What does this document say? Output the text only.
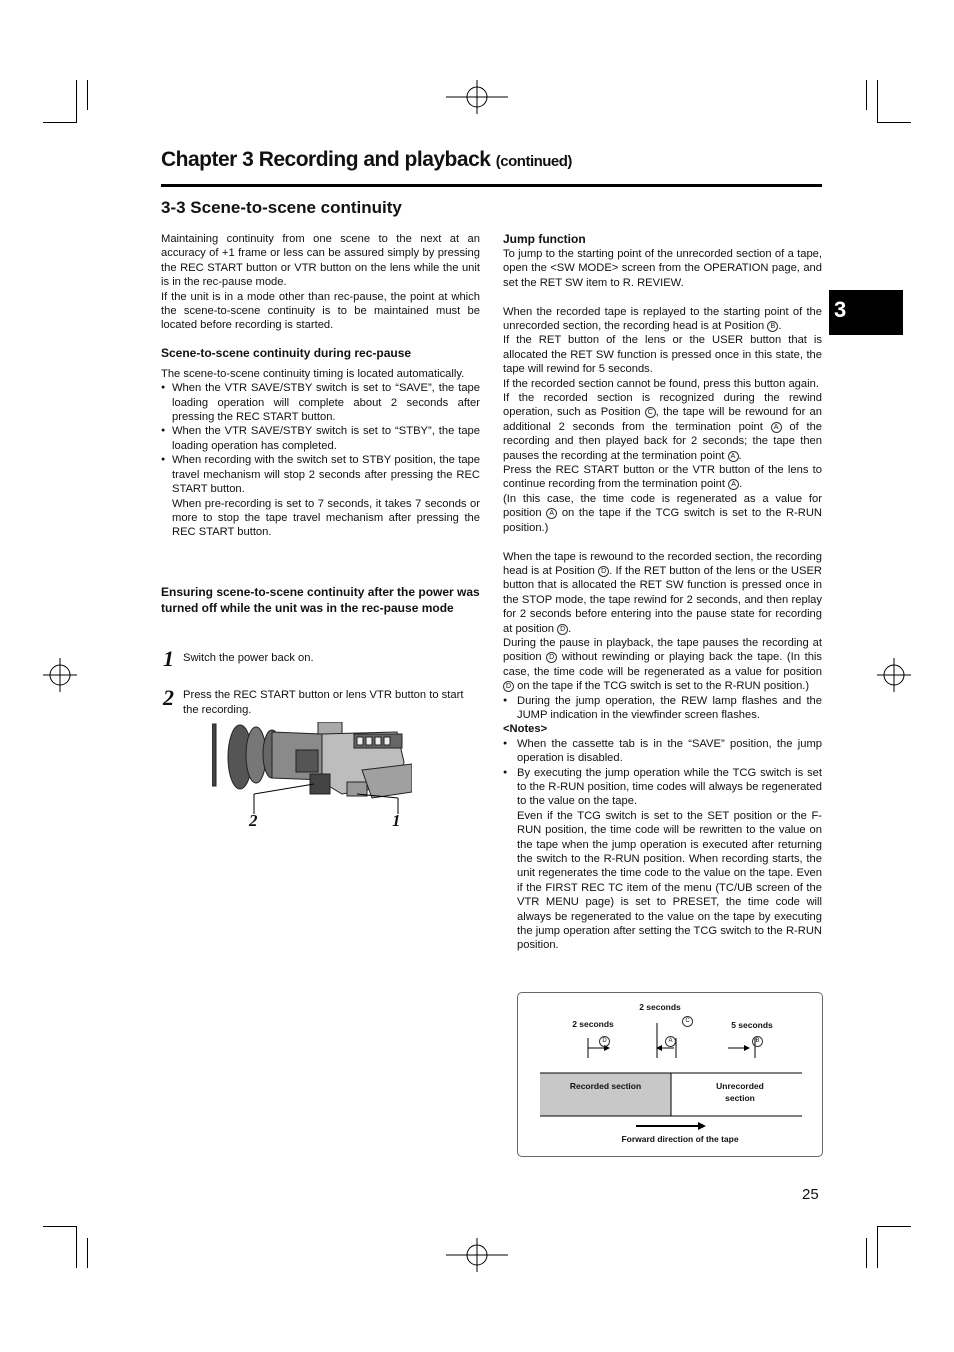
Chapter 3 Recording and playback (continued)
3-3 Scene-to-scene continuity
3

Maintaining continuity from one scene to the next at an accuracy of +1 frame or less can be assured simply by pressing the REC START button or VTR button on the lens while the unit is in the rec-pause mode.

If the unit is in a mode other than rec-pause, the point at which the scene-to-scene continuity is to be maintained must be located before recording is started.

Scene-to-scene continuity during rec-pause

The scene-to-scene continuity timing is located automatically.

● When the VTR SAVE/STBY switch is set to “SAVE”, the tape loading operation will complete about 2 seconds after pressing the REC START button.

● When the VTR SAVE/STBY switch is set to “STBY”, the tape loading operation has completed.

● When recording with the switch set to STBY position, the tape travel mechanism will stop 2 seconds after pressing the REC START button.

When pre-recording is set to 7 seconds, it takes 7 seconds or more to stop the tape travel mechanism after pressing the REC START button.

Ensuring scene-to-scene continuity after the power was turned off while the unit was in the rec-pause mode
1 Switch the power back on.
2 Press the REC START button or lens VTR button to start the recording.
2	1

Jump function

To jump to the starting point of the unrecorded section of a tape, open the <SW MODE> screen from the OPERATION page, and set the RET SW item to R. REVIEW.

When the recorded tape is replayed to the starting point of the unrecorded section, the recording head is at Position B .

If the RET button of the lens or the USER button that is allocated the RET SW function is pressed once in this state, the tape will rewind for 5 seconds.

If the recorded section cannot be found, press this button again.

If the recorded section is recognized during the rewind operation, such as Position C , the tape will be rewound for an additional 2 seconds from the termination point A of the recording and then played back for 2 seconds; the tape then pauses the recording at the termination point A .

Press the REC START button or the VTR button of the lens to continue recording from the termination point A .

(In this case, the time code is regenerated as a value for position A on the tape if the TCG switch is set to the R-RUN position.)

When the tape is rewound to the recorded section, the recording head is at Position D . If the RET button of the lens or the USER button that is allocated the RET SW function is pressed once in the STOP mode, the tape rewind for 2 seconds, and then replay for 2 seconds before entering into the pause state for recording at position D .

During the pause in playback, the tape pauses the recording at position D without rewinding or playing back the tape. (In this case, the time code will be regenerated as a value for position D on the tape if the TCG switch is set to the R-RUN position.)

● During the jump operation, the REW lamp flashes and the JUMP indication in the viewfinder screen flashes.

<Notes>

● When the cassette tab is in the “SAVE” position, the jump operation is disabled.

● By executing the jump operation while the TCG switch is set to the R-RUN position, time codes will always be regenerated to the value on the tape.

Even if the TCG switch is set to the SET position or the F-RUN position, the time code will be rewritten to the value on the tape when the jump operation is executed after returning the switch to the R-RUN position. When recording starts, the unit regenerates the time code to the value on the tape. Even if the FIRST REC TC item of the menu (TC/UB screen of the VTR MENU page) is set to PRESET, the time code will always be regenerated to the value on the tape by executing the jump operation after setting the TCG switch to the R-RUN position.

2 seconds
2 seconds	5 seconds
C
D	A	B
Recorded section	Unrecorded section
Forward direction of the tape
25
